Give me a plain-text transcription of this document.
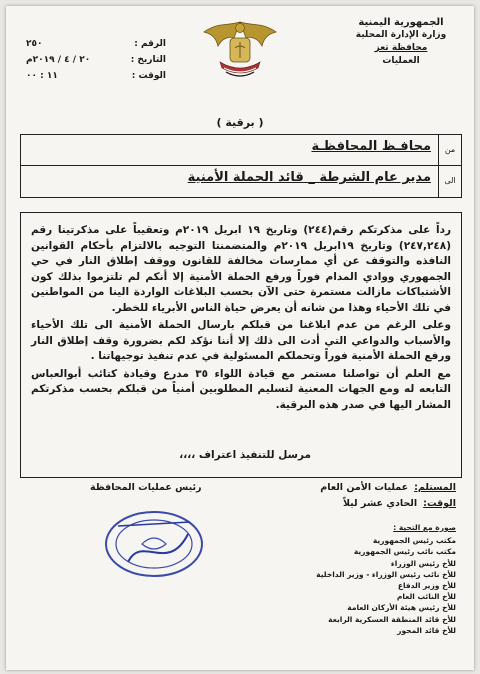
الجمهورية اليمنية
وزارة الإدارة المحلية
محافظة تعز
العمليات
الرقم :
٢٥٠
التاريخ :
٢٠ / ٤ / ٢٠١٩م
الوقت :
١١ : ٠٠
( برقية )
من
محافـظ المحافظـة
الى
مدير عام الشرطة _ قائد الحملة الأمنية

رداً على مذكرتكم رقم(٢٤٤) وتاريخ ١٩ ابريل ٢٠١٩م وتعقيباً على مذكرتينا رقم (٢٤٧,٢٤٨) وتاريخ ١٩ابريل ٢٠١٩م والمتضمنتا التوجيه بالالتزام بأحكام القوانين النافذه والتوقف عن أي ممارسات مخالفة للقانون ووقف إطلاق النار في حي الجمهوري ووادي المدام فوراً ورفع الحملة الأمنية إلا أنكم لم تلتزموا بذلك كون الأشتباكات مازالت مستمرة حتى الآن بحسب البلاغات الواردة الينا من المواطنين في تلك الأحياء وهذا من شانه أن يعرض حياة الناس الأبرياء للخطر.

وعلى الرغم من عدم ابلاغنا من قبلكم بارسال الحملة الأمنية الى تلك الأحياء والأسباب والدواعي التي أدت الى ذلك إلا أننا نؤكد لكم بضرورة وقف إطلاق النار ورفع الحملة الأمنية فوراً وتحملكم المسئولية في عدم تنفيذ توجيهاتنا .

مع العلم أن تواصلنا مستمر مع قيادة اللواء ٣٥ مدرع وقيادة كتائب أبوالعباس التابعه له ومع الجهات المعنية لتسليم المطلوبين أمنياً من قبلكم بحسب مذكرتكم المشار اليها في صدر هذه البرقية.

مرسل للتنفيذ اعتراف ،،،،
المستلم:عمليات الأمن العام
الوقت:الحادي عشر ليلاً
رئيس عمليات المحافظة
صورة مع التحية :
مكتب رئيس الجمهورية
مكتب نائب رئيس الجمهورية
للأخ رئيس الوزراء
للأخ نائب رئيس الوزراء - وزير الداخلية
للأخ وزير الدفاع
للأخ النائب العام
للأخ رئيس هيئة الأركان العامة
للأخ قائد المنطقة العسكرية الرابعة
للأخ قائد المحور
